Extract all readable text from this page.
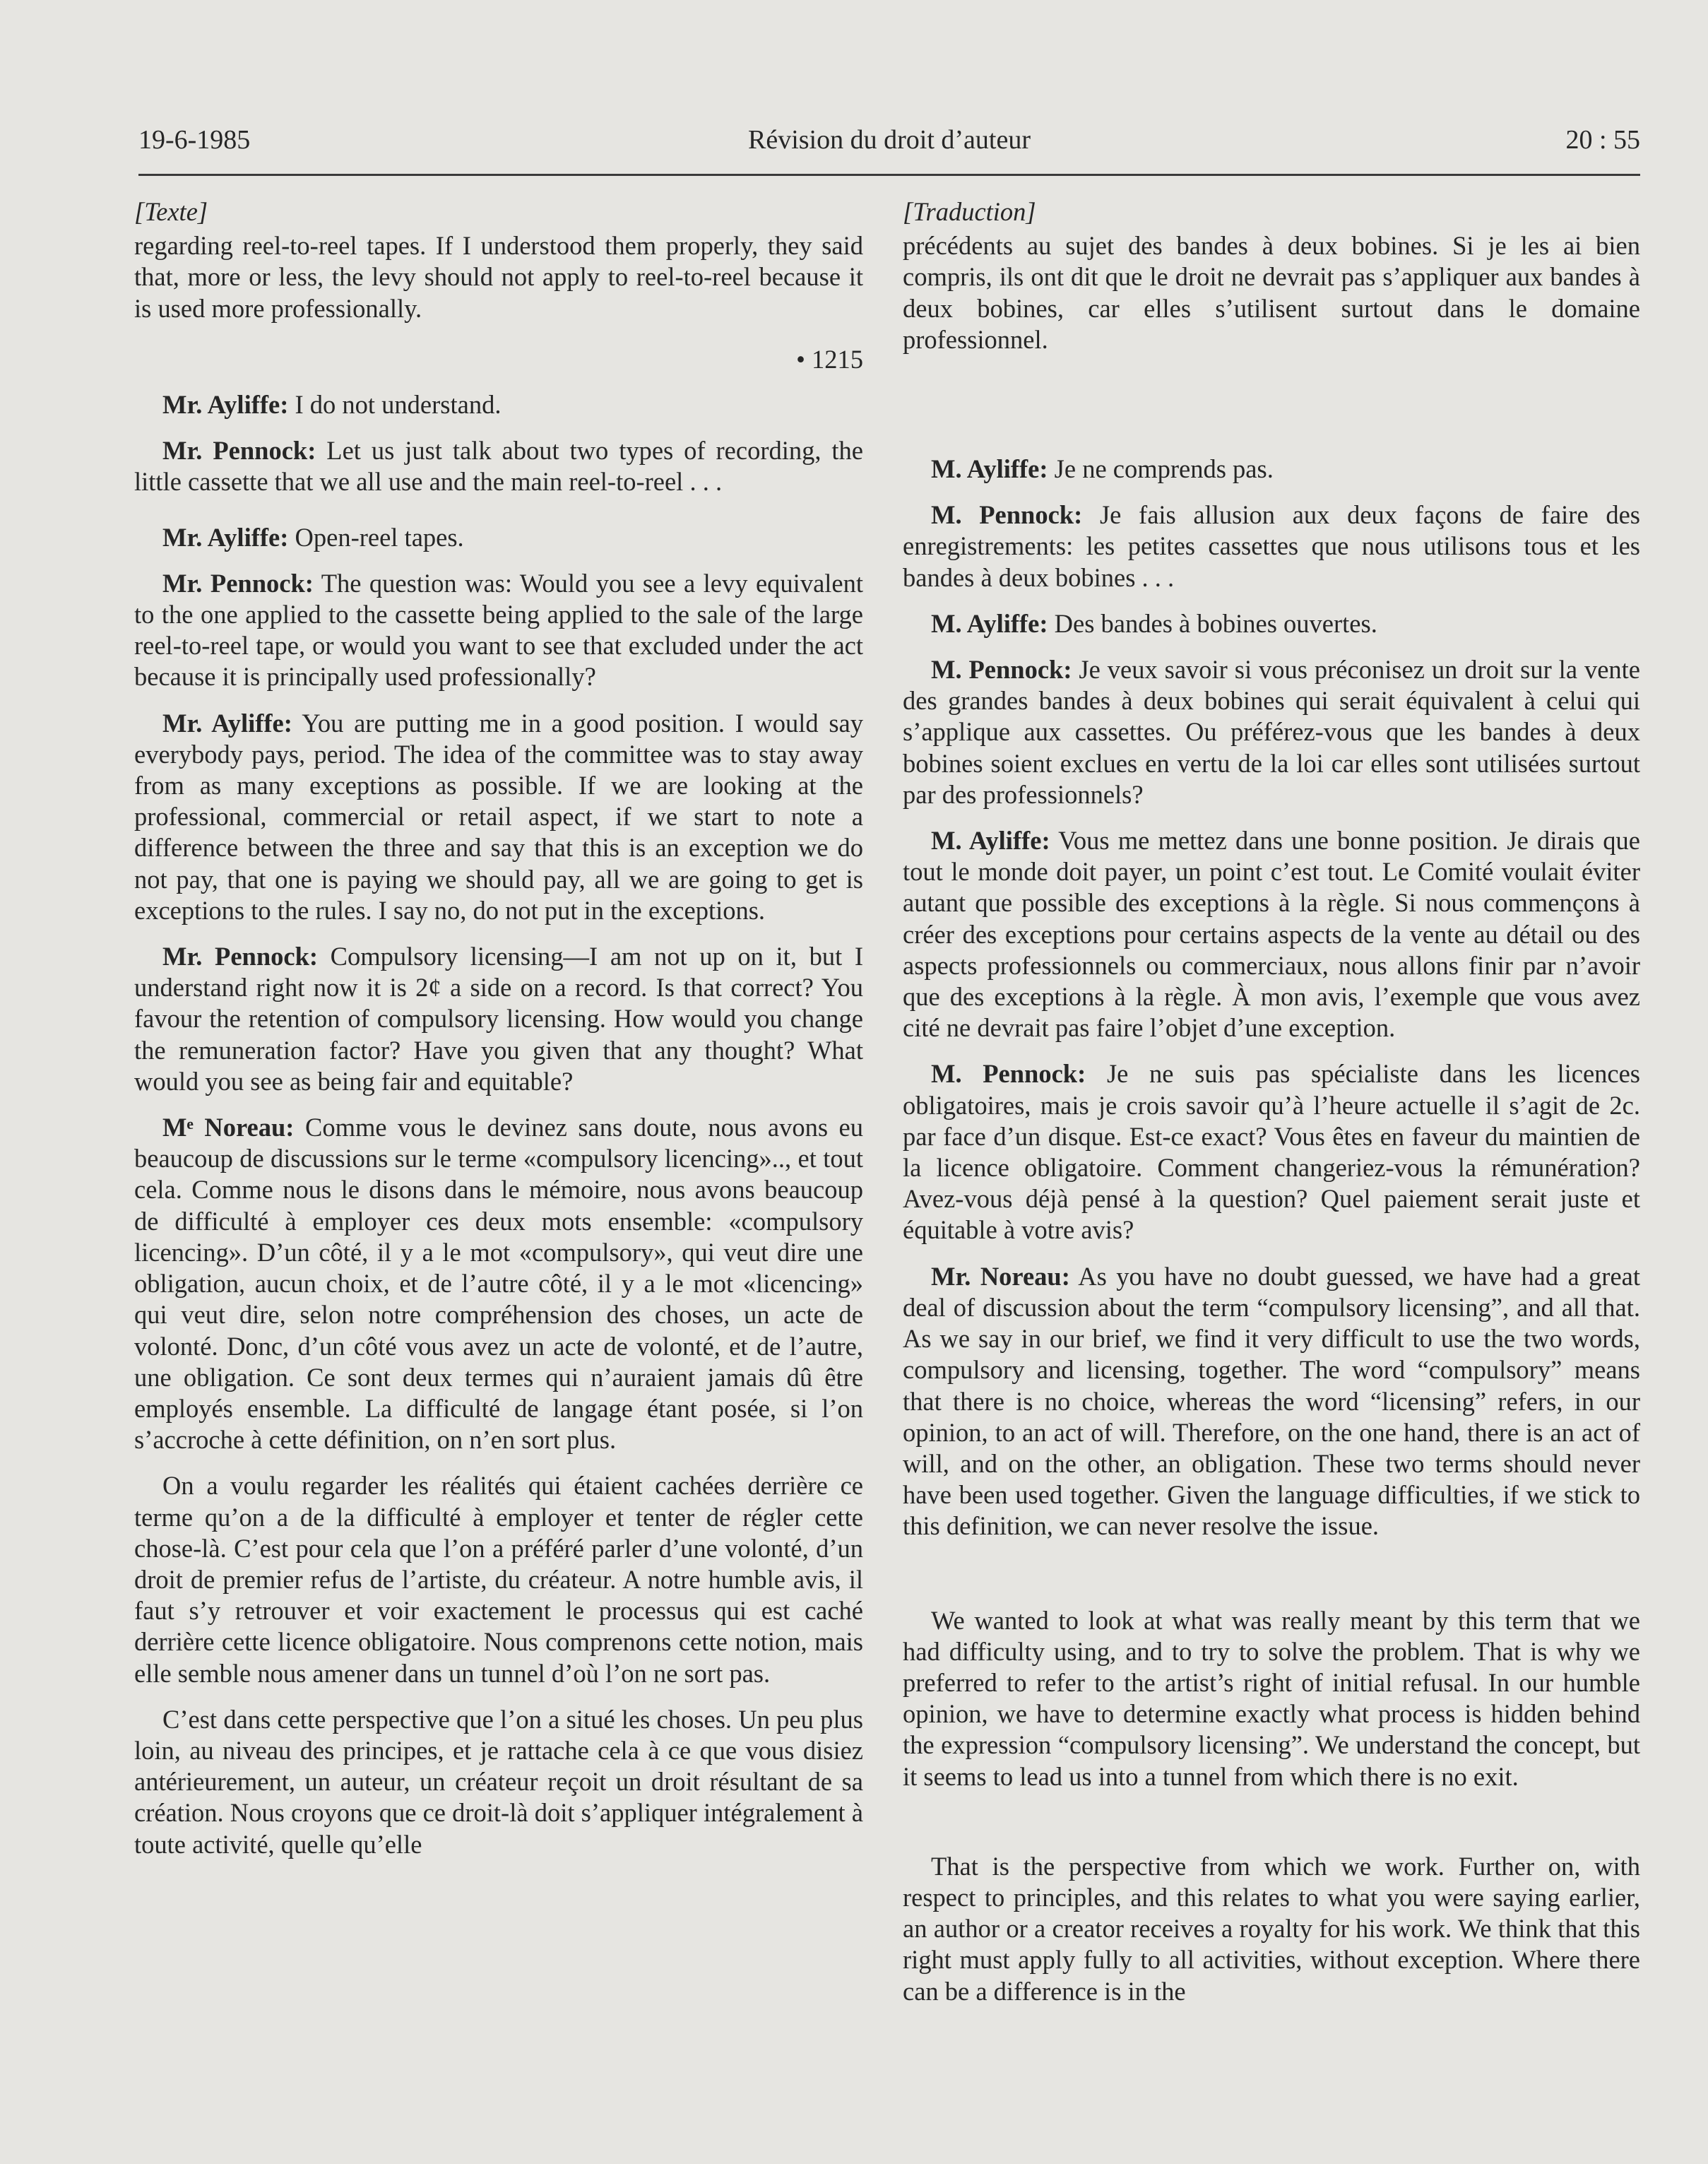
19-6-1985	Révision du droit d’auteur	20 : 55
[Texte]

regarding reel-to-reel tapes. If I understood them properly, they said that, more or less, the levy should not apply to reel-to-reel because it is used more professionally.

• 1215

Mr. Ayliffe: I do not understand.

Mr. Pennock: Let us just talk about two types of recording, the little cassette that we all use and the main reel-to-reel . . .

Mr. Ayliffe: Open-reel tapes.

Mr. Pennock: The question was: Would you see a levy equivalent to the one applied to the cassette being applied to the sale of the large reel-to-reel tape, or would you want to see that excluded under the act because it is principally used professionally?

Mr. Ayliffe: You are putting me in a good position. I would say everybody pays, period. The idea of the committee was to stay away from as many exceptions as possible. If we are looking at the professional, commercial or retail aspect, if we start to note a difference between the three and say that this is an exception we do not pay, that one is paying we should pay, all we are going to get is exceptions to the rules. I say no, do not put in the exceptions.

Mr. Pennock: Compulsory licensing—I am not up on it, but I understand right now it is 2¢ a side on a record. Is that correct? You favour the retention of compulsory licensing. How would you change the remuneration factor? Have you given that any thought? What would you see as being fair and equitable?

Mᵉ Noreau: Comme vous le devinez sans doute, nous avons eu beaucoup de discussions sur le terme «compulsory licencing».., et tout cela. Comme nous le disons dans le mémoire, nous avons beaucoup de difficulté à employer ces deux mots ensemble: «compulsory licencing». D’un côté, il y a le mot «compulsory», qui veut dire une obligation, aucun choix, et de l’autre côté, il y a le mot «licencing» qui veut dire, selon notre compréhension des choses, un acte de volonté. Donc, d’un côté vous avez un acte de volonté, et de l’autre, une obligation. Ce sont deux termes qui n’auraient jamais dû être employés ensemble. La difficulté de langage étant posée, si l’on s’accroche à cette définition, on n’en sort plus.

On a voulu regarder les réalités qui étaient cachées derrière ce terme qu’on a de la difficulté à employer et tenter de régler cette chose-là. C’est pour cela que l’on a préféré parler d’une volonté, d’un droit de premier refus de l’artiste, du créateur. A notre humble avis, il faut s’y retrouver et voir exactement le processus qui est caché derrière cette licence obligatoire. Nous comprenons cette notion, mais elle semble nous amener dans un tunnel d’où l’on ne sort pas.

C’est dans cette perspective que l’on a situé les choses. Un peu plus loin, au niveau des principes, et je rattache cela à ce que vous disiez antérieurement, un auteur, un créateur reçoit un droit résultant de sa création. Nous croyons que ce droit-là doit s’appliquer intégralement à toute activité, quelle qu’elle

[Traduction]

précédents au sujet des bandes à deux bobines. Si je les ai bien compris, ils ont dit que le droit ne devrait pas s’appliquer aux bandes à deux bobines, car elles s’utilisent surtout dans le domaine professionnel.

M. Ayliffe: Je ne comprends pas.

M. Pennock: Je fais allusion aux deux façons de faire des enregistrements: les petites cassettes que nous utilisons tous et les bandes à deux bobines . . .

M. Ayliffe: Des bandes à bobines ouvertes.

M. Pennock: Je veux savoir si vous préconisez un droit sur la vente des grandes bandes à deux bobines qui serait équivalent à celui qui s’applique aux cassettes. Ou préférez-vous que les bandes à deux bobines soient exclues en vertu de la loi car elles sont utilisées surtout par des professionnels?

M. Ayliffe: Vous me mettez dans une bonne position. Je dirais que tout le monde doit payer, un point c’est tout. Le Comité voulait éviter autant que possible des exceptions à la règle. Si nous commençons à créer des exceptions pour certains aspects de la vente au détail ou des aspects professionnels ou commerciaux, nous allons finir par n’avoir que des exceptions à la règle. À mon avis, l’exemple que vous avez cité ne devrait pas faire l’objet d’une exception.

M. Pennock: Je ne suis pas spécialiste dans les licences obligatoires, mais je crois savoir qu’à l’heure actuelle il s’agit de 2c. par face d’un disque. Est-ce exact? Vous êtes en faveur du maintien de la licence obligatoire. Comment changeriez-vous la rémunération? Avez-vous déjà pensé à la question? Quel paiement serait juste et équitable à votre avis?

Mr. Noreau: As you have no doubt guessed, we have had a great deal of discussion about the term “compulsory licensing”, and all that. As we say in our brief, we find it very difficult to use the two words, compulsory and licensing, together. The word “compulsory” means that there is no choice, whereas the word “licensing” refers, in our opinion, to an act of will. Therefore, on the one hand, there is an act of will, and on the other, an obligation. These two terms should never have been used together. Given the language difficulties, if we stick to this definition, we can never resolve the issue.

We wanted to look at what was really meant by this term that we had difficulty using, and to try to solve the problem. That is why we preferred to refer to the artist’s right of initial refusal. In our humble opinion, we have to determine exactly what process is hidden behind the expression “compulsory licensing”. We understand the concept, but it seems to lead us into a tunnel from which there is no exit.

That is the perspective from which we work. Further on, with respect to principles, and this relates to what you were saying earlier, an author or a creator receives a royalty for his work. We think that this right must apply fully to all activities, without exception. Where there can be a difference is in the
